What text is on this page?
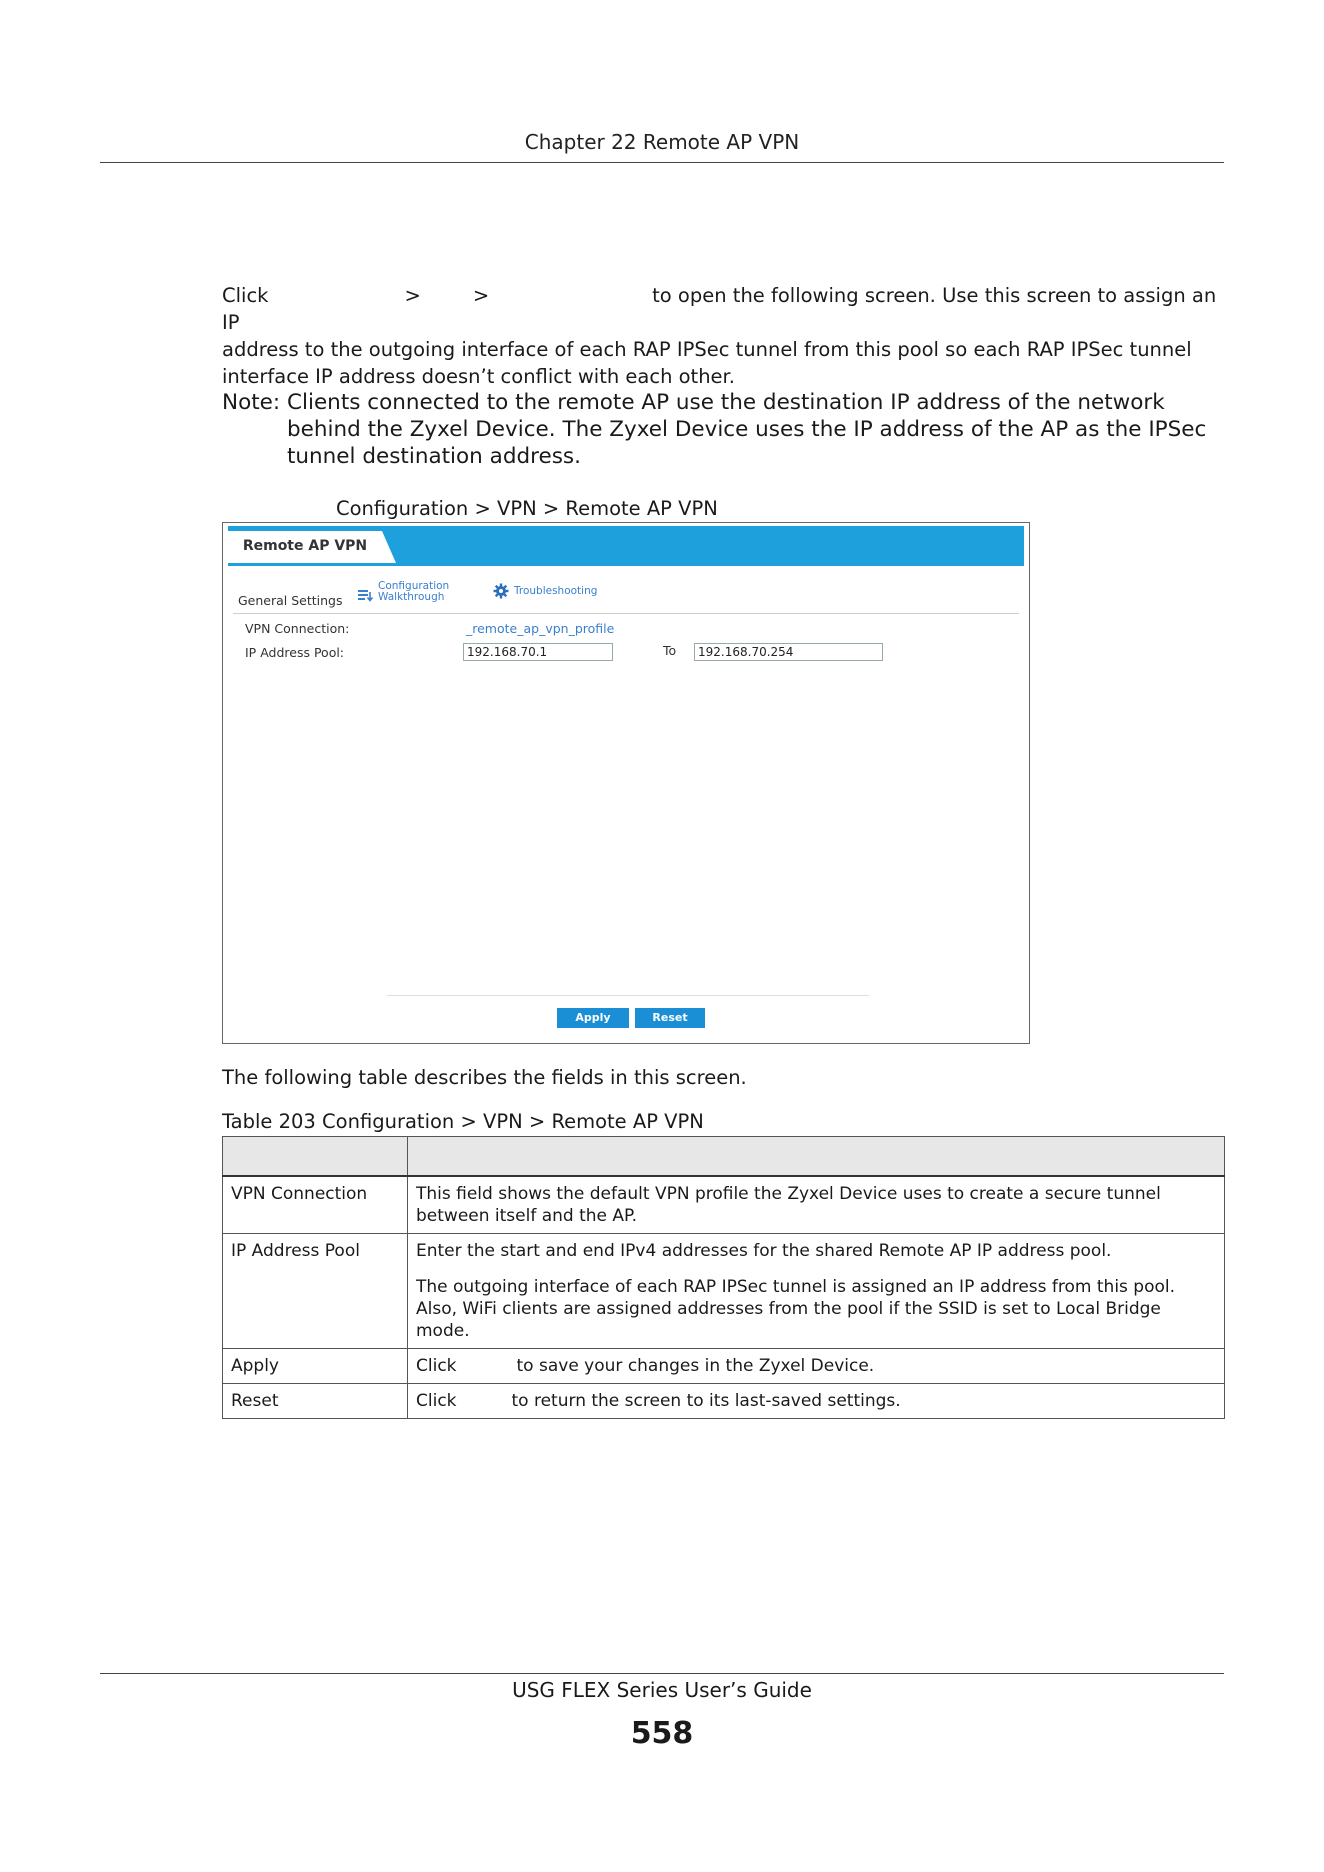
Chapter 22 Remote AP VPN
Click	>	>	to open the following screen. Use this screen to assign an IP
address to the outgoing interface of each RAP IPSec tunnel from this pool so each RAP IPSec tunnel
interface IP address doesn’t conflict with each other.
Note: Clients connected to the remote AP use the destination IP address of the network behind the Zyxel Device. The Zyxel Device uses the IP address of the AP as the IPSec tunnel destination address.
Configuration > VPN > Remote AP VPN
Remote AP VPN
General Settings
Configuration
Walkthrough	Troubleshooting
VPN Connection:	_remote_ap_vpn_profile
IP Address Pool:
192.168.70.1	To
192.168.70.254
Apply	Reset
The following table describes the fields in this screen.
Table 203 Configuration > VPN > Remote AP VPN

VPN Connection	This field shows the default VPN profile the Zyxel Device uses to create a secure tunnel between itself and the AP.

IP Address Pool	Enter the start and end IPv4 addresses for the shared Remote AP IP address pool.

The outgoing interface of each RAP IPSec tunnel is assigned an IP address from this pool. Also, WiFi clients are assigned addresses from the pool if the SSID is set to Local Bridge mode.

Apply	Click to save your changes in the Zyxel Device.
Reset	Click to return the screen to its last-saved settings.
USG FLEX Series User’s Guide
558
